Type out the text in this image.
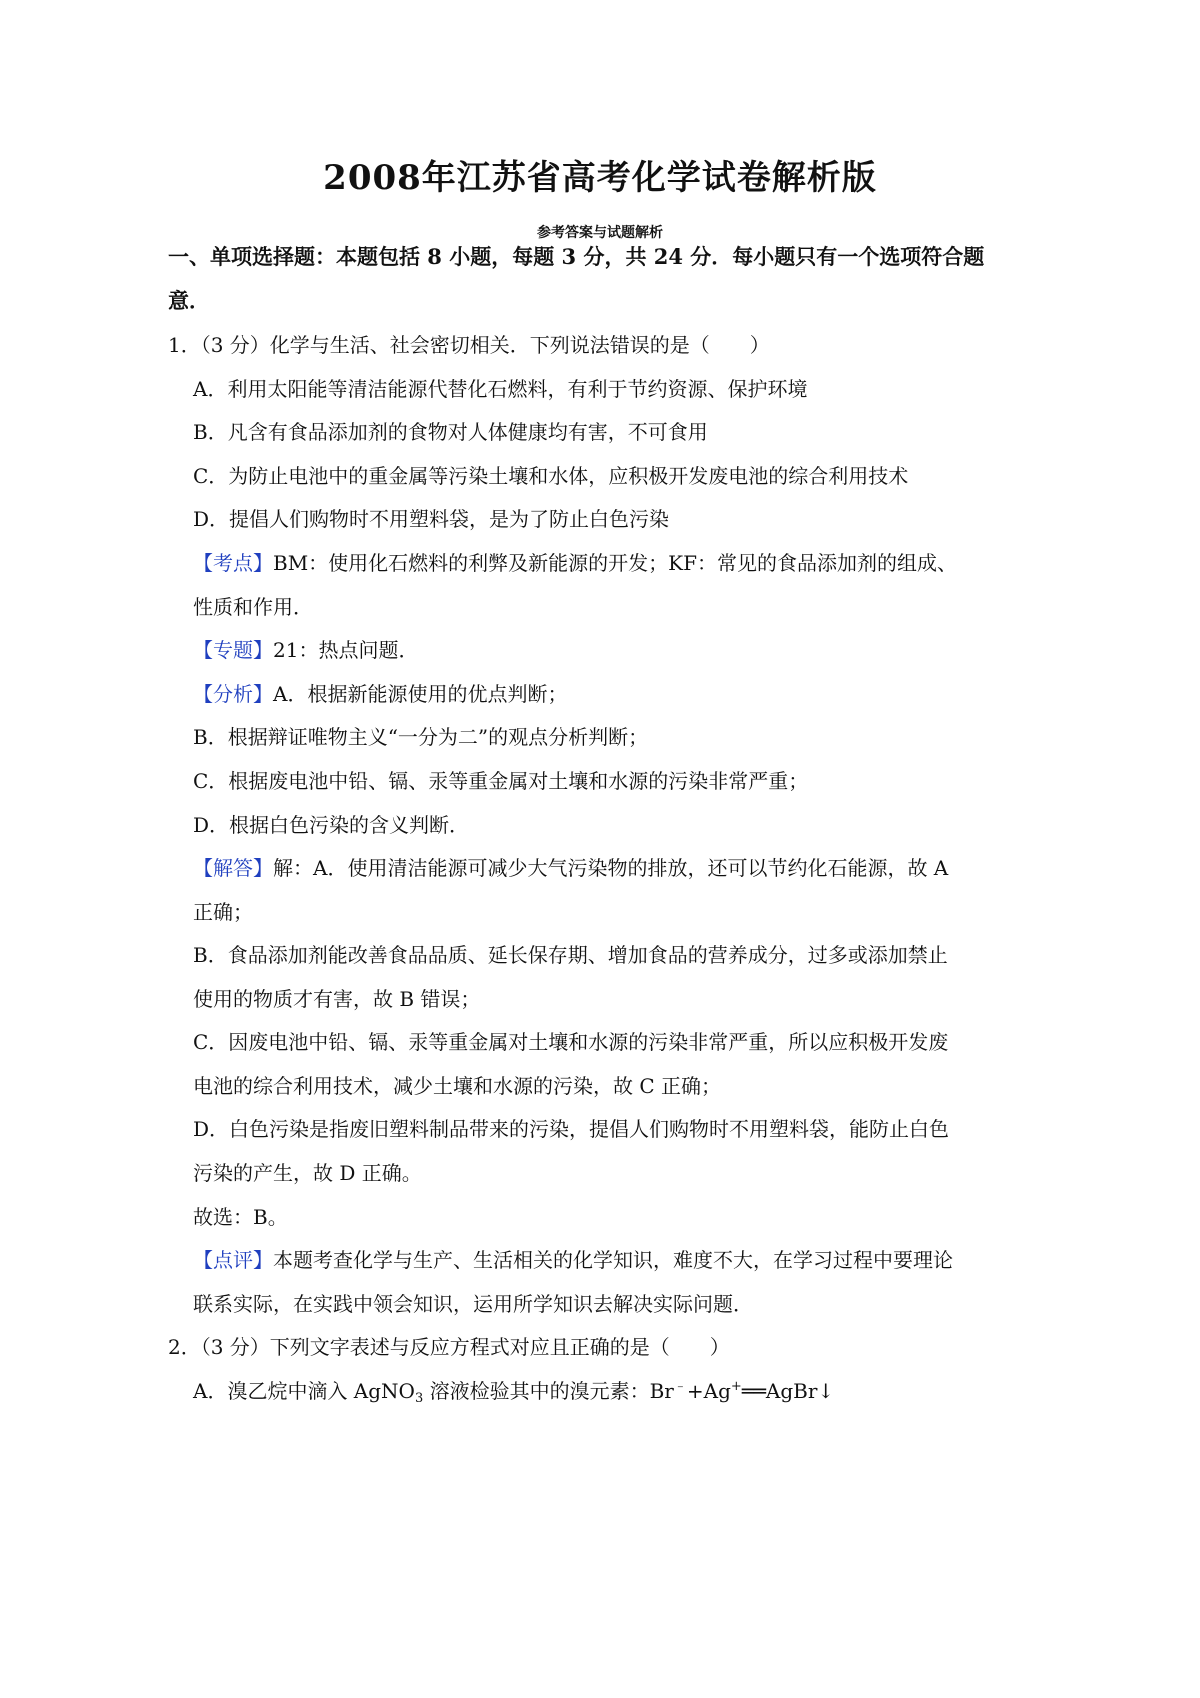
2008年江苏省高考化学试卷解析版
参考答案与试题解析
一、单项选择题：本题包括 8 小题，每题 3 分，共 24 分．每小题只有一个选项符合题
意．
1．（3 分）化学与生活、社会密切相关．下列说法错误的是（　　）
A．利用太阳能等清洁能源代替化石燃料，有利于节约资源、保护环境
B．凡含有食品添加剂的食物对人体健康均有害，不可食用
C．为防止电池中的重金属等污染土壤和水体，应积极开发废电池的综合利用技术
D．提倡人们购物时不用塑料袋，是为了防止白色污染
【考点】BM：使用化石燃料的利弊及新能源的开发；KF：常见的食品添加剂的组成、
性质和作用．
【专题】21：热点问题．
【分析】A．根据新能源使用的优点判断；
B．根据辩证唯物主义“一分为二”的观点分析判断；
C．根据废电池中铅、镉、汞等重金属对土壤和水源的污染非常严重；
D．根据白色污染的含义判断．
【解答】解：A．使用清洁能源可减少大气污染物的排放，还可以节约化石能源，故 A
正确；
B．食品添加剂能改善食品品质、延长保存期、增加食品的营养成分，过多或添加禁止
使用的物质才有害，故 B 错误；
C．因废电池中铅、镉、汞等重金属对土壤和水源的污染非常严重，所以应积极开发废
电池的综合利用技术，减少土壤和水源的污染，故 C 正确；
D．白色污染是指废旧塑料制品带来的污染，提倡人们购物时不用塑料袋，能防止白色
污染的产生，故 D 正确。
故选：B。
【点评】本题考查化学与生产、生活相关的化学知识，难度不大，在学习过程中要理论
联系实际，在实践中领会知识，运用所学知识去解决实际问题．
2．（3 分）下列文字表述与反应方程式对应且正确的是（　　）
A．溴乙烷中滴入 AgNO$_3$ 溶液检验其中的溴元素：Br﹣+Ag+══AgBr↓
